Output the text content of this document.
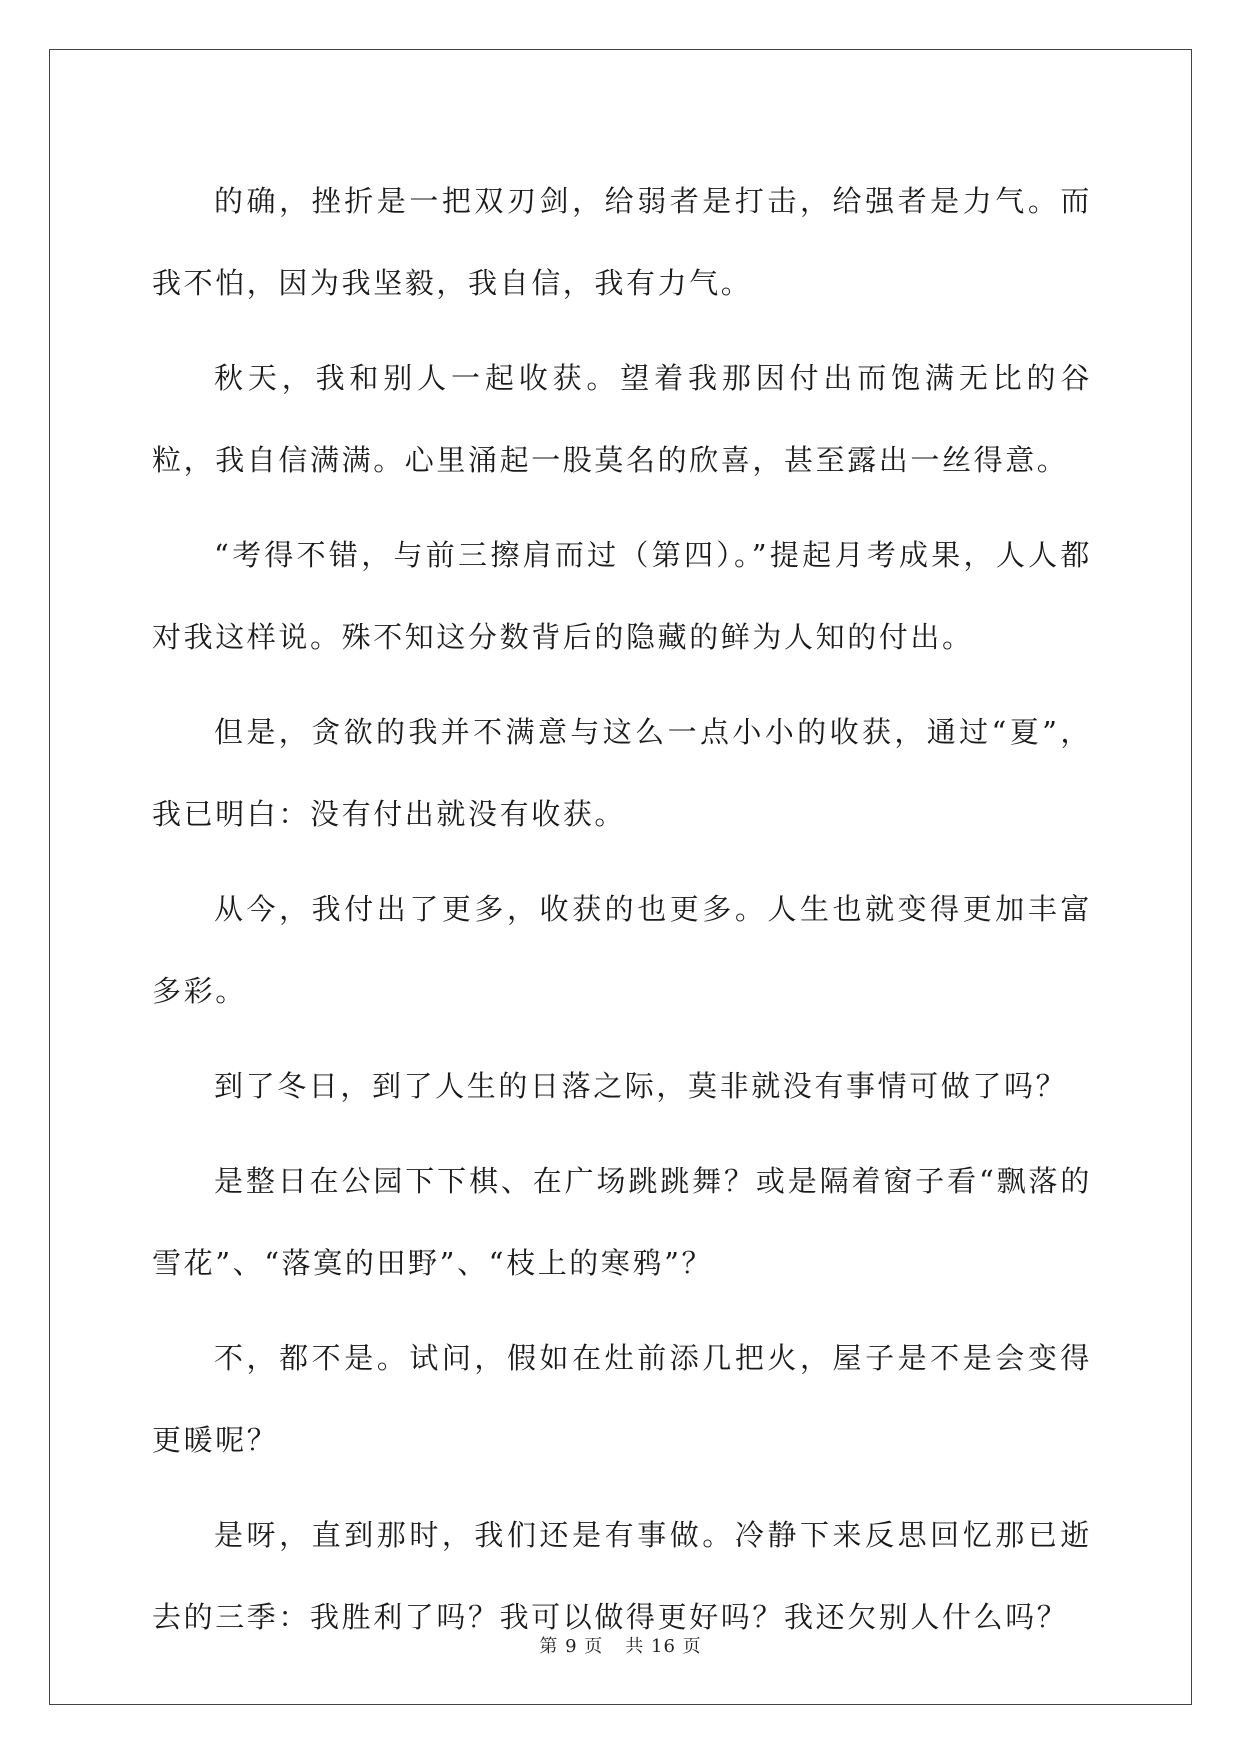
的确，挫折是一把双刃剑，给弱者是打击，给强者是力气。而我不怕，因为我坚毅，我自信，我有力气。

秋天，我和别人一起收获。望着我那因付出而饱满无比的谷粒，我自信满满。心里涌起一股莫名的欣喜，甚至露出一丝得意。

“考得不错，与前三擦肩而过（第四）。”提起月考成果，人人都对我这样说。殊不知这分数背后的隐藏的鲜为人知的付出。

但是，贪欲的我并不满意与这么一点小小的收获，通过“夏”，我已明白：没有付出就没有收获。

从今，我付出了更多，收获的也更多。人生也就变得更加丰富多彩。

到了冬日，到了人生的日落之际，莫非就没有事情可做了吗？

是整日在公园下下棋、在广场跳跳舞？或是隔着窗子看“飘落的雪花”、“落寞的田野”、“枝上的寒鸦”？

不，都不是。试问，假如在灶前添几把火，屋子是不是会变得更暖呢？

是呀，直到那时，我们还是有事做。冷静下来反思回忆那已逝去的三季：我胜利了吗？我可以做得更好吗？我还欠别人什么吗？

第 9 页 共 16 页
